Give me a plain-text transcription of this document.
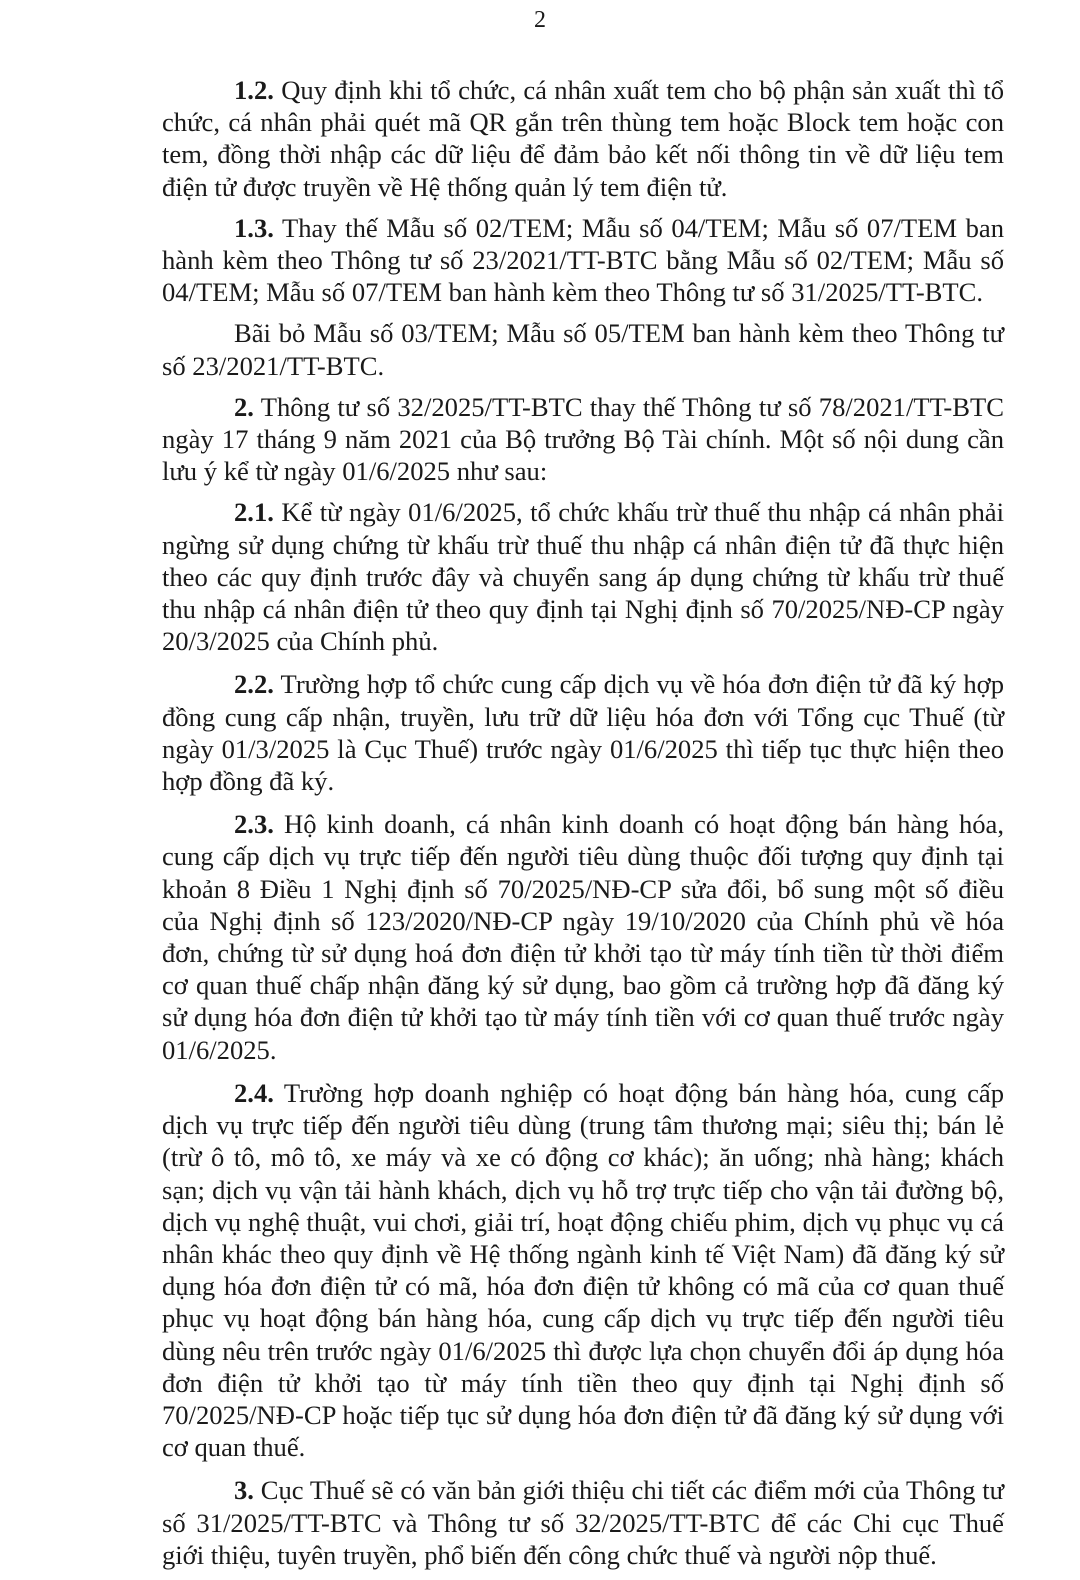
2

1.2. Quy định khi tổ chức, cá nhân xuất tem cho bộ phận sản xuất thì tổ chức, cá nhân phải quét mã QR gắn trên thùng tem hoặc Block tem hoặc con tem, đồng thời nhập các dữ liệu để đảm bảo kết nối thông tin về dữ liệu tem điện tử được truyền về Hệ thống quản lý tem điện tử.

1.3. Thay thế Mẫu số 02/TEM; Mẫu số 04/TEM; Mẫu số 07/TEM ban hành kèm theo Thông tư số 23/2021/TT-BTC bằng Mẫu số 02/TEM; Mẫu số 04/TEM; Mẫu số 07/TEM ban hành kèm theo Thông tư số 31/2025/TT-BTC.

Bãi bỏ Mẫu số 03/TEM; Mẫu số 05/TEM ban hành kèm theo Thông tư số 23/2021/TT-BTC.

2. Thông tư số 32/2025/TT-BTC thay thế Thông tư số 78/2021/TT-BTC ngày 17 tháng 9 năm 2021 của Bộ trưởng Bộ Tài chính. Một số nội dung cần lưu ý kể từ ngày 01/6/2025 như sau:

2.1. Kể từ ngày 01/6/2025, tổ chức khấu trừ thuế thu nhập cá nhân phải ngừng sử dụng chứng từ khấu trừ thuế thu nhập cá nhân điện tử đã thực hiện theo các quy định trước đây và chuyển sang áp dụng chứng từ khấu trừ thuế thu nhập cá nhân điện tử theo quy định tại Nghị định số 70/2025/NĐ-CP ngày 20/3/2025 của Chính phủ.

2.2. Trường hợp tổ chức cung cấp dịch vụ về hóa đơn điện tử đã ký hợp đồng cung cấp nhận, truyền, lưu trữ dữ liệu hóa đơn với Tổng cục Thuế (từ ngày 01/3/2025 là Cục Thuế) trước ngày 01/6/2025 thì tiếp tục thực hiện theo hợp đồng đã ký.

2.3. Hộ kinh doanh, cá nhân kinh doanh có hoạt động bán hàng hóa, cung cấp dịch vụ trực tiếp đến người tiêu dùng thuộc đối tượng quy định tại khoản 8 Điều 1 Nghị định số 70/2025/NĐ-CP sửa đổi, bổ sung một số điều của Nghị định số 123/2020/NĐ-CP ngày 19/10/2020 của Chính phủ về hóa đơn, chứng từ sử dụng hoá đơn điện tử khởi tạo từ máy tính tiền từ thời điểm cơ quan thuế chấp nhận đăng ký sử dụng, bao gồm cả trường hợp đã đăng ký sử dụng hóa đơn điện tử khởi tạo từ máy tính tiền với cơ quan thuế trước ngày 01/6/2025.

2.4. Trường hợp doanh nghiệp có hoạt động bán hàng hóa, cung cấp dịch vụ trực tiếp đến người tiêu dùng (trung tâm thương mại; siêu thị; bán lẻ (trừ ô tô, mô tô, xe máy và xe có động cơ khác); ăn uống; nhà hàng; khách sạn; dịch vụ vận tải hành khách, dịch vụ hỗ trợ trực tiếp cho vận tải đường bộ, dịch vụ nghệ thuật, vui chơi, giải trí, hoạt động chiếu phim, dịch vụ phục vụ cá nhân khác theo quy định về Hệ thống ngành kinh tế Việt Nam) đã đăng ký sử dụng hóa đơn điện tử có mã, hóa đơn điện tử không có mã của cơ quan thuế phục vụ hoạt động bán hàng hóa, cung cấp dịch vụ trực tiếp đến người tiêu dùng nêu trên trước ngày 01/6/2025 thì được lựa chọn chuyển đổi áp dụng hóa đơn điện tử khởi tạo từ máy tính tiền theo quy định tại Nghị định số 70/2025/NĐ-CP hoặc tiếp tục sử dụng hóa đơn điện tử đã đăng ký sử dụng với cơ quan thuế.

3. Cục Thuế sẽ có văn bản giới thiệu chi tiết các điểm mới của Thông tư số 31/2025/TT-BTC và Thông tư số 32/2025/TT-BTC để các Chi cục Thuế giới thiệu, tuyên truyền, phổ biến đến công chức thuế và người nộp thuế.
